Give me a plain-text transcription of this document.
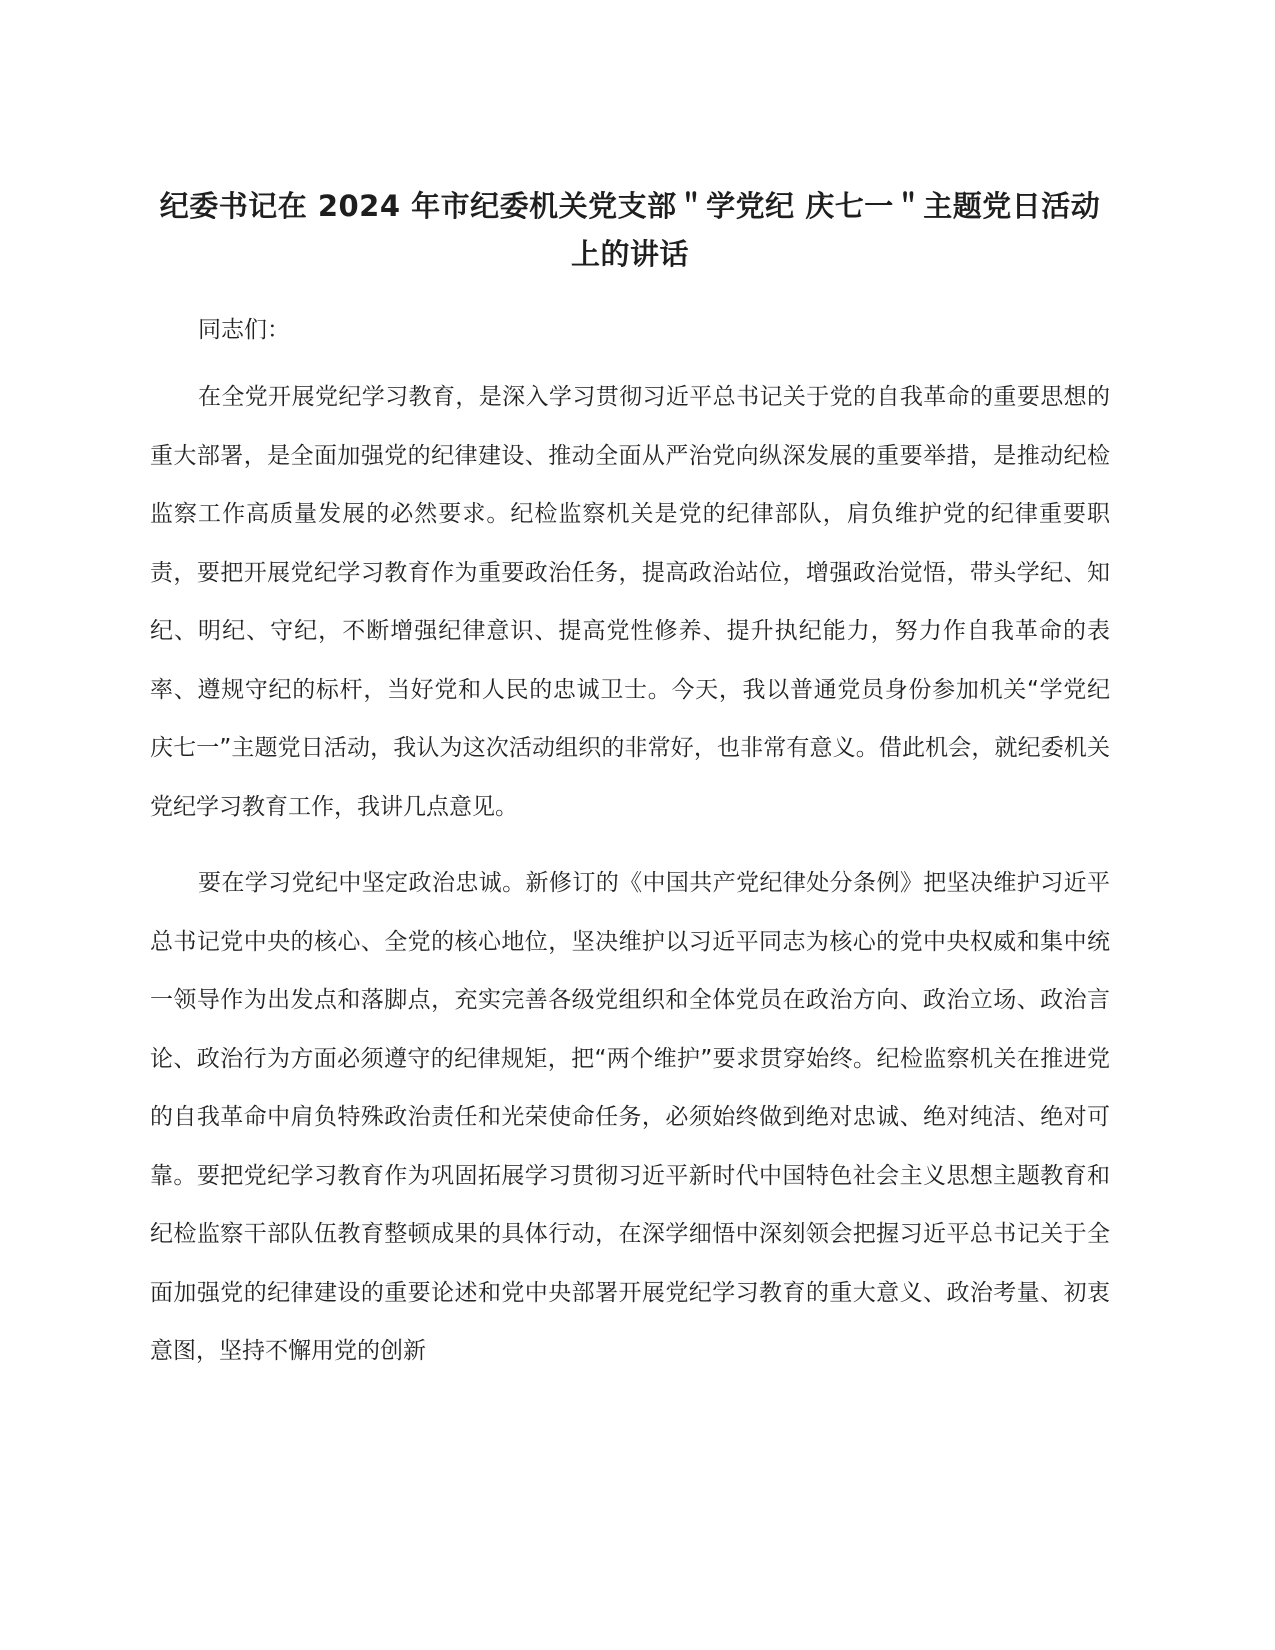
纪委书记在 2024 年市纪委机关党支部＂学党纪 庆七一＂主题党日活动上的讲话

同志们：

在全党开展党纪学习教育，是深入学习贯彻习近平总书记关于党的自我革命的重要思想的重大部署，是全面加强党的纪律建设、推动全面从严治党向纵深发展的重要举措，是推动纪检监察工作高质量发展的必然要求。纪检监察机关是党的纪律部队，肩负维护党的纪律重要职责，要把开展党纪学习教育作为重要政治任务，提高政治站位，增强政治觉悟，带头学纪、知纪、明纪、守纪，不断增强纪律意识、提高党性修养、提升执纪能力，努力作自我革命的表率、遵规守纪的标杆，当好党和人民的忠诚卫士。今天，我以普通党员身份参加机关“学党纪 庆七一”主题党日活动，我认为这次活动组织的非常好，也非常有意义。借此机会，就纪委机关党纪学习教育工作，我讲几点意见。

要在学习党纪中坚定政治忠诚。新修订的《中国共产党纪律处分条例》把坚决维护习近平总书记党中央的核心、全党的核心地位，坚决维护以习近平同志为核心的党中央权威和集中统一领导作为出发点和落脚点，充实完善各级党组织和全体党员在政治方向、政治立场、政治言论、政治行为方面必须遵守的纪律规矩，把“两个维护”要求贯穿始终。纪检监察机关在推进党的自我革命中肩负特殊政治责任和光荣使命任务，必须始终做到绝对忠诚、绝对纯洁、绝对可靠。要把党纪学习教育作为巩固拓展学习贯彻习近平新时代中国特色社会主义思想主题教育和纪检监察干部队伍教育整顿成果的具体行动，在深学细悟中深刻领会把握习近平总书记关于全面加强党的纪律建设的重要论述和党中央部署开展党纪学习教育的重大意义、政治考量、初衷意图，坚持不懈用党的创新
